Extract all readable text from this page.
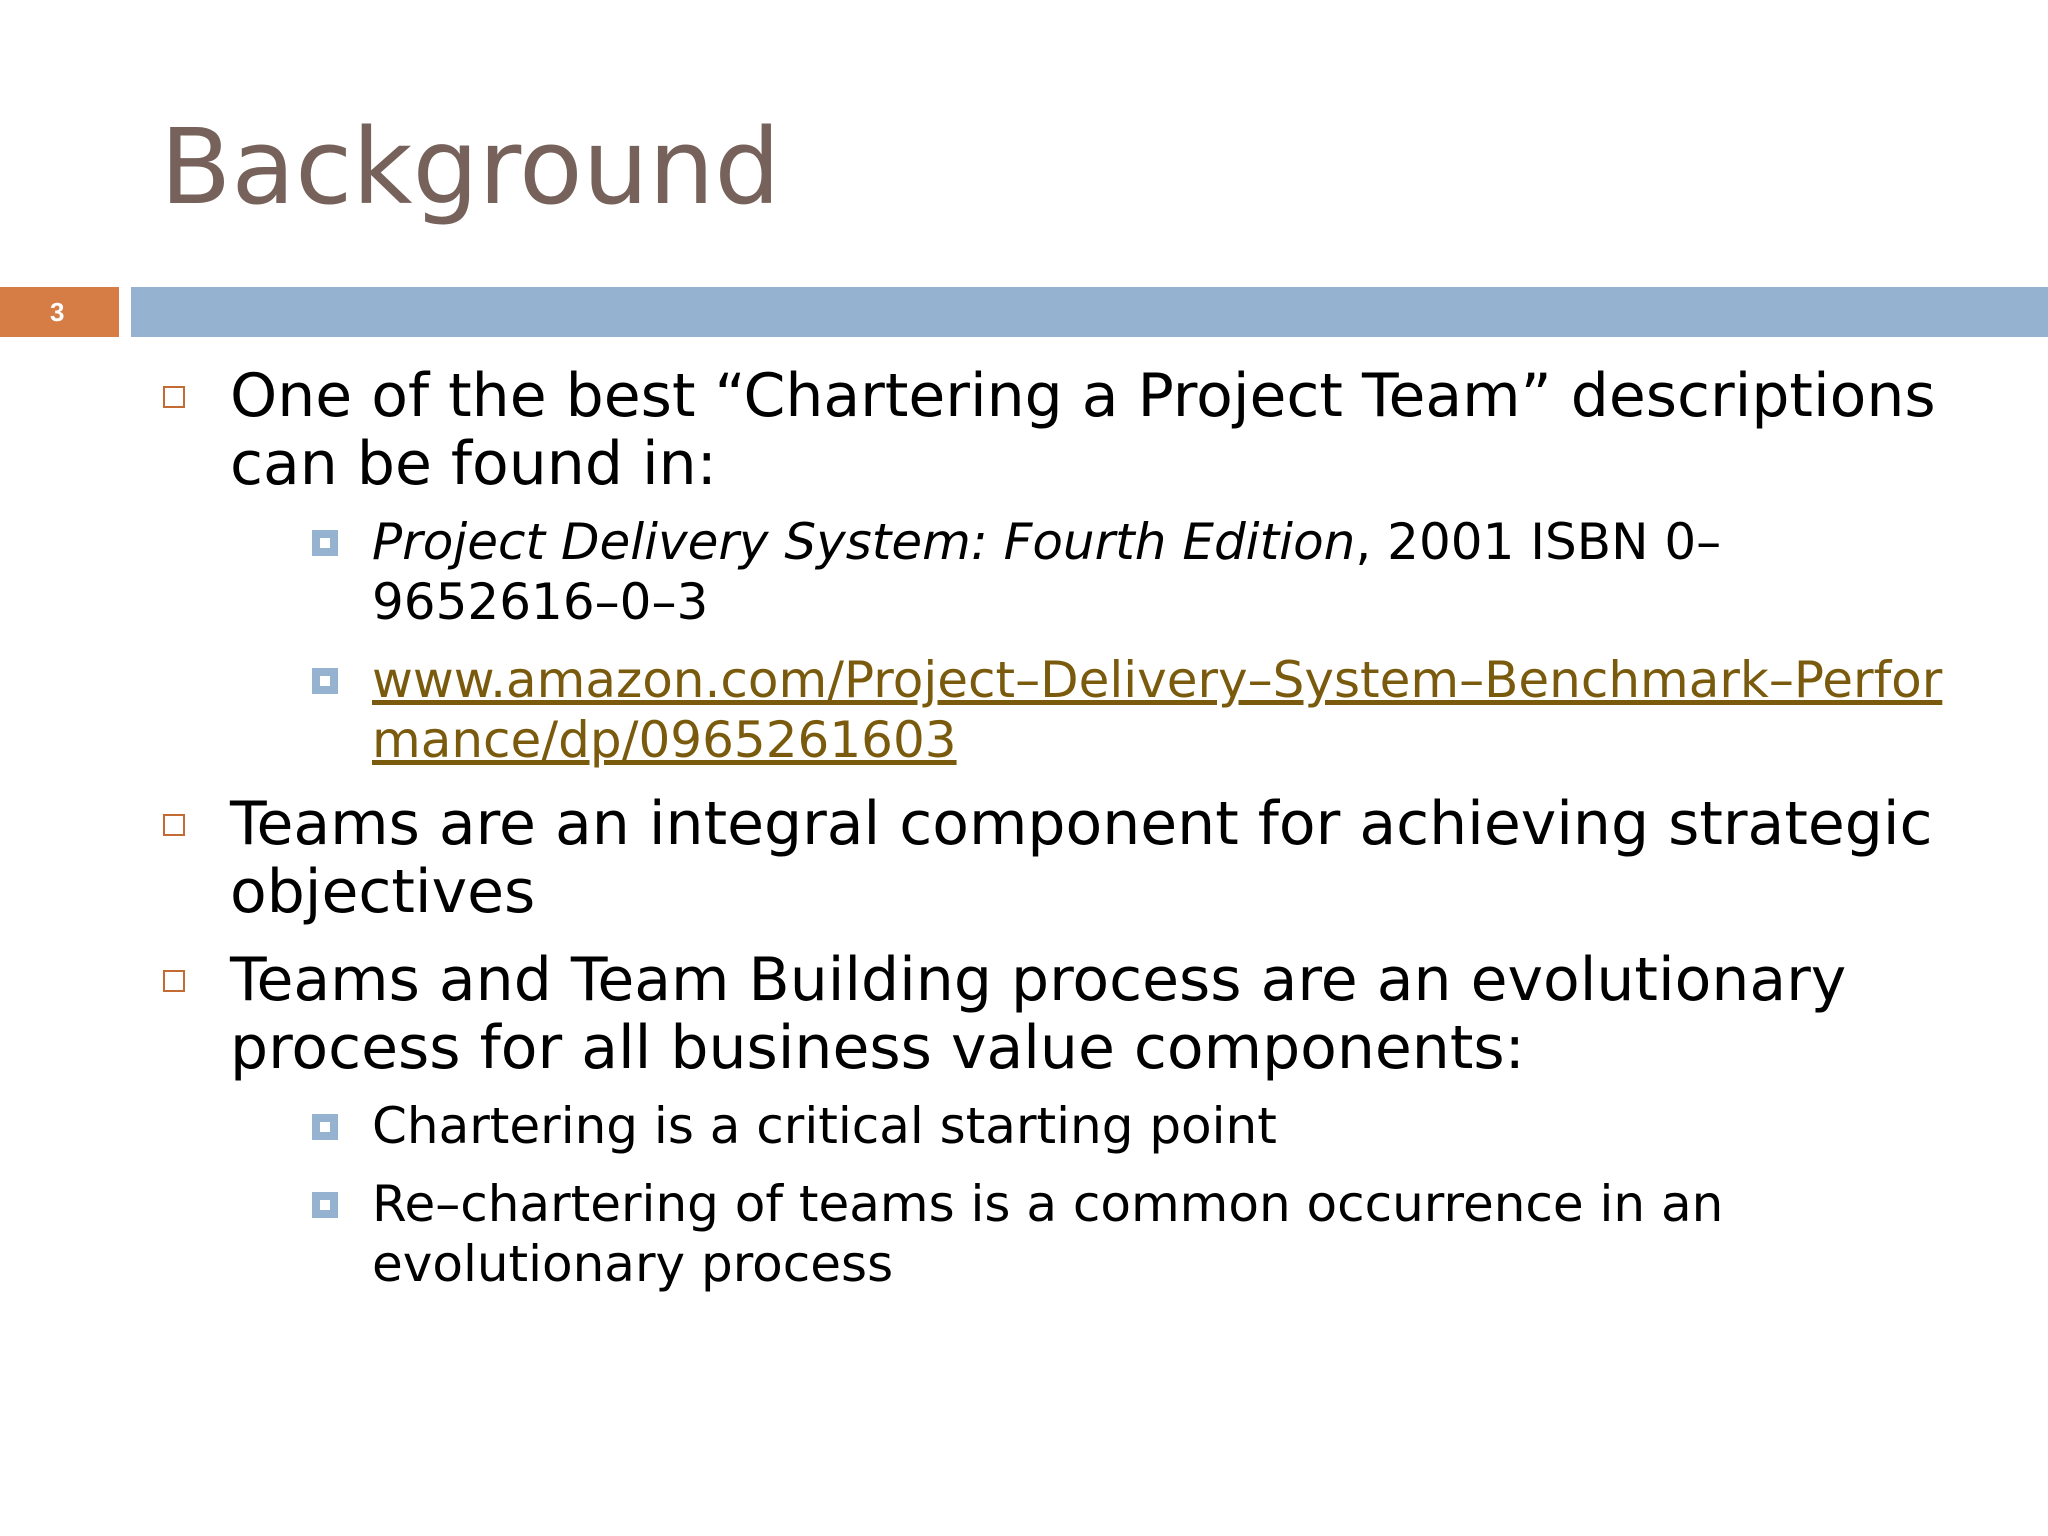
Background
3
One of the best “Chartering a Project Team” descriptions can be found in:
Project Delivery System: Fourth Edition, 2001 ISBN 0–9652616–0–3
www.amazon.com/Project–Delivery–System–Benchmark–Performance/dp/0965261603
Teams are an integral component for achieving strategic objectives
Teams and Team Building process are an evolutionary process for all business value components:
Chartering is a critical starting point
Re–chartering of teams is a common occurrence in an evolutionary process
